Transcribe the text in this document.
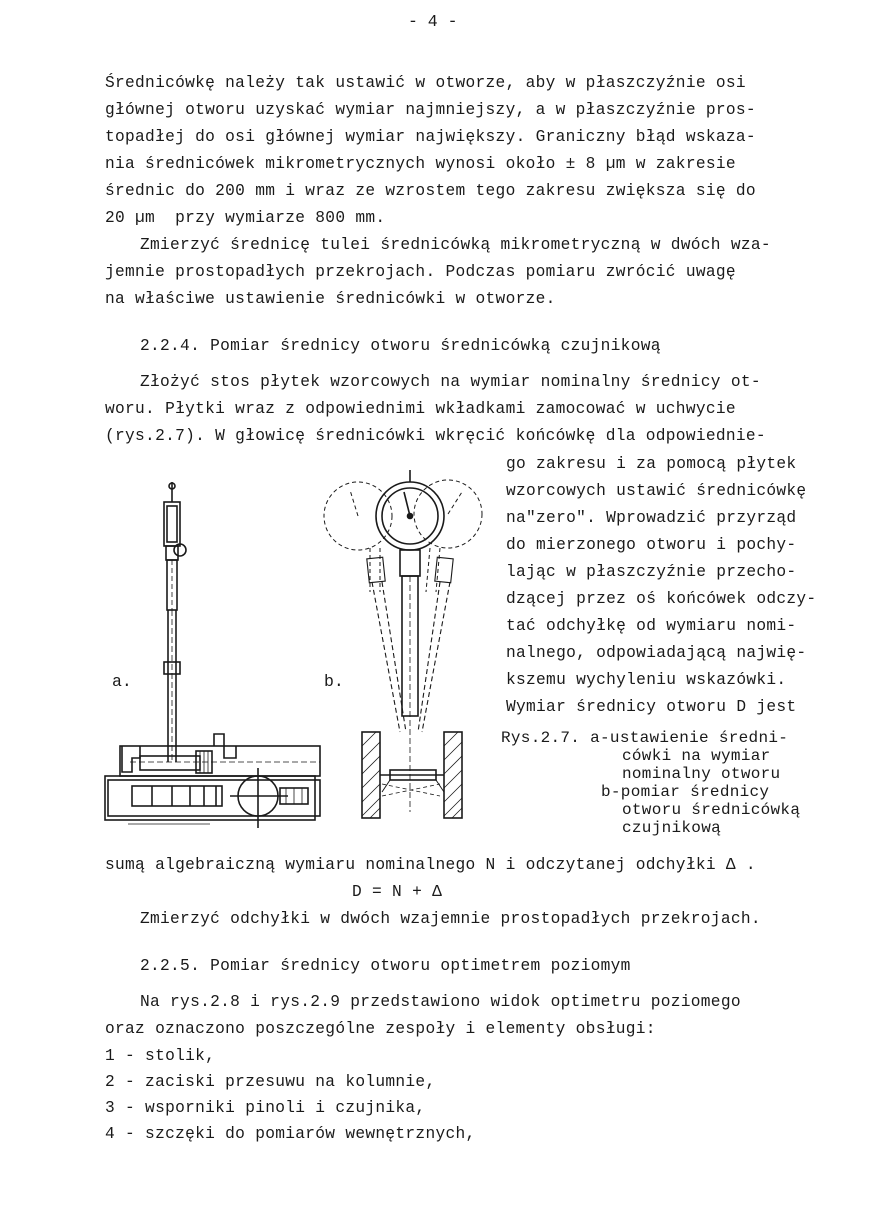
- 4 -
Średnicówkę należy tak ustawić w otworze, aby w płaszczyźnie osi
głównej otworu uzyskać wymiar najmniejszy, a w płaszczyźnie pros-
topadłej do osi głównej wymiar największy. Graniczny błąd wskaza-
nia średnicówek mikrometrycznych wynosi około ± 8 µm w zakresie
średnic do 200 mm i wraz ze wzrostem tego zakresu zwiększa się do
20 µm  przy wymiarze 800 mm.
Zmierzyć średnicę tulei średnicówką mikrometryczną w dwóch wza-
jemnie prostopadłych przekrojach. Podczas pomiaru zwrócić uwagę
na właściwe ustawienie średnicówki w otworze.
2.2.4. Pomiar średnicy otworu średnicówką czujnikową
Złożyć stos płytek wzorcowych na wymiar nominalny średnicy ot-
woru. Płytki wraz z odpowiednimi wkładkami zamocować w uchwycie
(rys.2.7). W głowicę średnicówki wkręcić końcówkę dla odpowiednie-
go zakresu i za pomocą płytek
wzorcowych ustawić średnicówkę
na"zero". Wprowadzić przyrząd
do mierzonego otworu i pochy-
lając w płaszczyźnie przecho-
dzącej przez oś końcówek odczy-
tać odchyłkę od wymiaru nomi-
nalnego, odpowiadającą najwię-
kszemu wychyleniu wskazówki.
Wymiar średnicy otworu D jest
Rys.2.7. a-ustawienie średni-
cówki na wymiar
nominalny otworu
b-pomiar średnicy
otworu średnicówką
czujnikową
a.	b.
sumą algebraiczną wymiaru nominalnego N i odczytanej odchyłki Δ .
D = N + Δ
Zmierzyć odchyłki w dwóch wzajemnie prostopadłych przekrojach.
2.2.5. Pomiar średnicy otworu optimetrem poziomym
Na rys.2.8 i rys.2.9 przedstawiono widok optimetru poziomego
oraz oznaczono poszczególne zespoły i elementy obsługi:
1 - stolik,
2 - zaciski przesuwu na kolumnie,
3 - wsporniki pinoli i czujnika,
4 - szczęki do pomiarów wewnętrznych,
